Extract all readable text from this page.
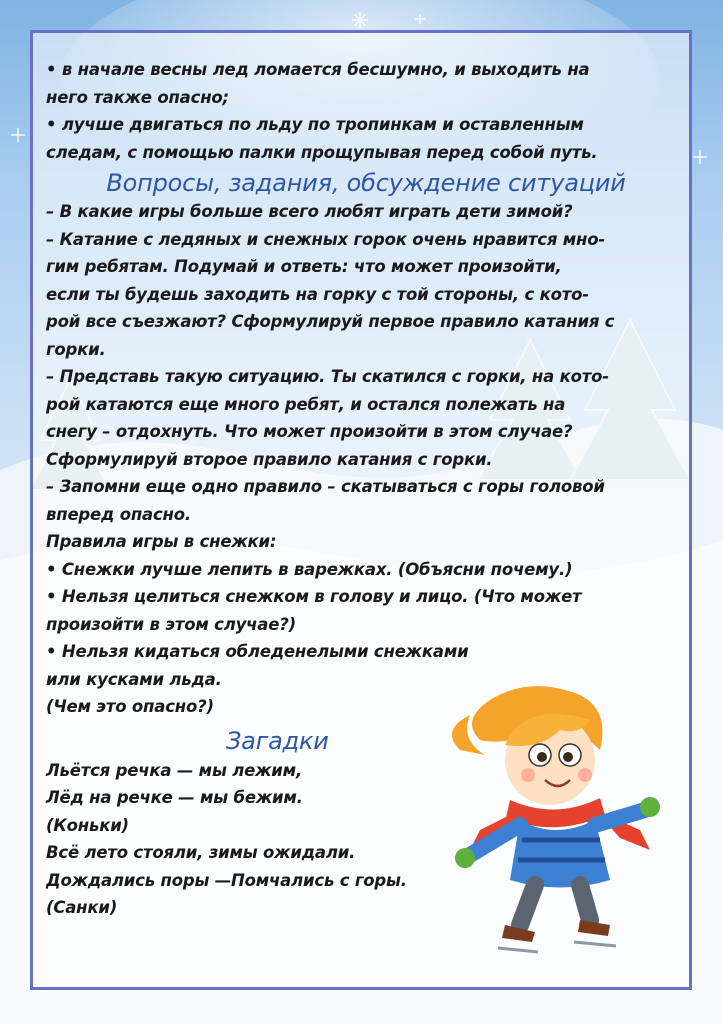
• в начале весны лед ломается бесшумно, и выходить на
него также опасно;
• лучше двигаться по льду по тропинкам и оставленным
следам, с помощью палки прощупывая перед собой путь.
Вопросы, задания, обсуждение ситуаций
– В какие игры больше всего любят играть дети зимой?
– Катание с ледяных и снежных горок очень нравится мно-
гим ребятам. Подумай и ответь: что может произойти,
если ты будешь заходить на горку с той стороны, с кото-
рой все съезжают? Сформулируй первое правило катания с
горки.
– Представь такую ситуацию. Ты скатился с горки, на кото-
рой катаются еще много ребят, и остался полежать на
снегу – отдохнуть. Что может произойти в этом случае?
Сформулируй второе правило катания с горки.
– Запомни еще одно правило – скатываться с горы головой
вперед опасно.
Правила игры в снежки:
• Снежки лучше лепить в варежках. (Объясни почему.)
• Нельзя целиться снежком в голову и лицо. (Что может
произойти в этом случае?)
• Нельзя кидаться обледенелыми снежками
или кусками льда.
(Чем это опасно?)
Загадки
Льётся речка — мы лежим,
Лёд на речке — мы бежим.
(Коньки)
Всё лето стояли, зимы ожидали.
Дождались поры —Помчались с горы.
(Санки)
